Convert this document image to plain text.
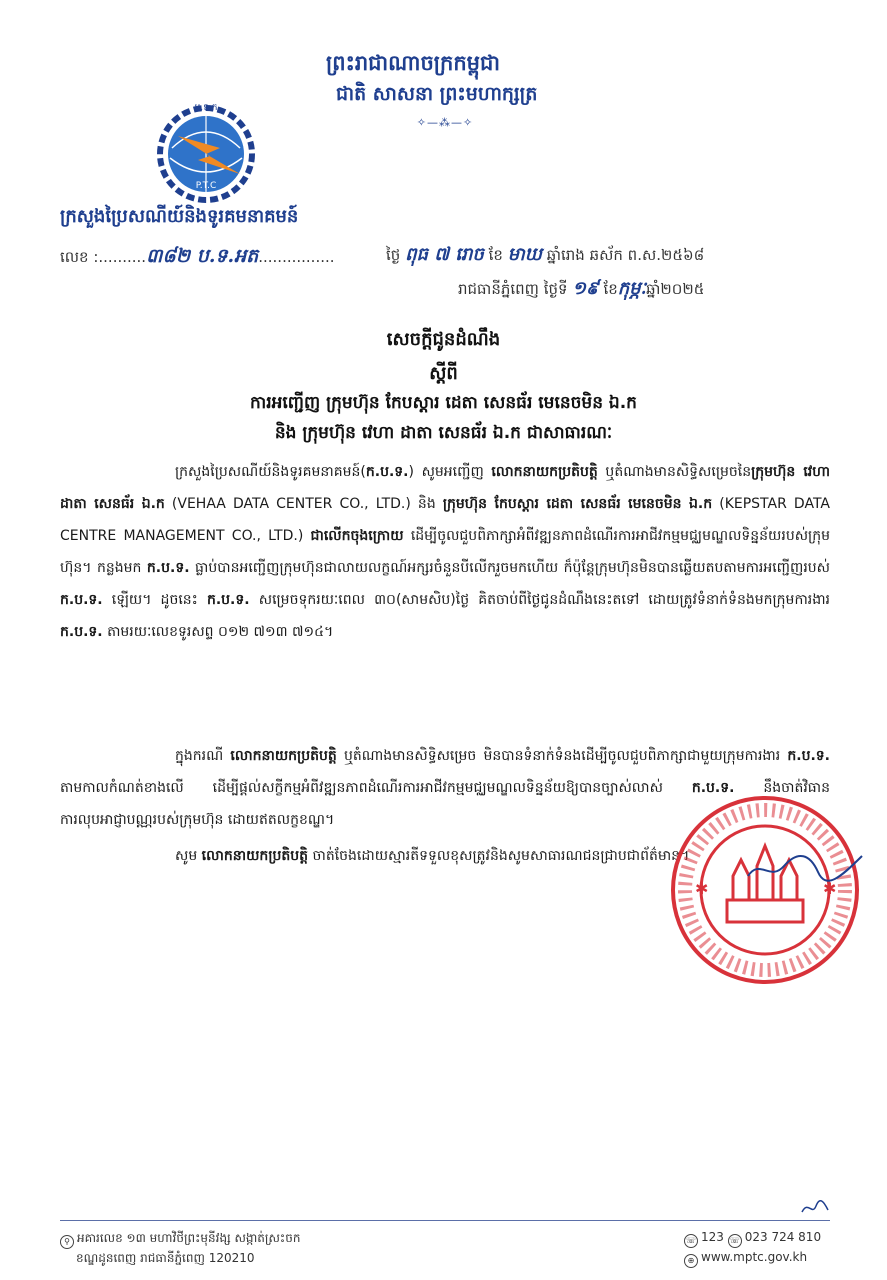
ព្រះរាជាណាចក្រកម្ពុជា
ជាតិ សាសនា ព្រះមហាក្សត្រ
✧—⁂—✧
ប.ទ.ក
P.T.C
ក្រសួងប្រៃសណីយ៍និងទូរគមនាគមន៍
លេខ :..........៣៨២ ប.ទ.អត................	ថ្ងៃ ពុធ ៧ រោច ខែ មាឃ ឆ្នាំរោង ឆស័ក ព.ស.២៥៦៨
រាជធានីភ្នំពេញ ថ្ងៃទី ១៩ ខែកុម្ភៈឆ្នាំ២០២៥
សេចក្តីជូនដំណឹង
ស្តីពី
ការអញ្ជើញ ក្រុមហ៊ុន កែបស្តារ ដេតា សេនធ័រ មេនេចមិន ឯ.ក
និង ក្រុមហ៊ុន វេហា ដាតា សេនធ័រ ឯ.ក ជាសាធារណៈ
ក្រសួងប្រៃសណីយ៍និងទូរគមនាគមន៍(ក.ប.ទ.) សូមអញ្ជើញ លោកនាយកប្រតិបត្តិ ឬតំណាងមានសិទ្ធិសម្រេចនៃក្រុមហ៊ុន វេហា ដាតា សេនធ័រ ឯ.ក (VEHAA DATA CENTER CO., LTD.) និង ក្រុមហ៊ុន កែបស្តារ ដេតា សេនធ័រ មេនេចមិន ឯ.ក (KEPSTAR DATA CENTRE MANAGEMENT CO., LTD.) ជាលើកចុងក្រោយ ដើម្បីចូលជួបពិភាក្សាអំពីវឌ្ឍនភាពដំណើរការអាជីវកម្មមជ្ឈមណ្ឌលទិន្នន័យរបស់ក្រុមហ៊ុន។ កន្លងមក ក.ប.ទ. ធ្លាប់បានអញ្ជើញក្រុមហ៊ុនជាលាយលក្ខណ៍អក្សរចំនួនបីលើករួចមកហើយ ក៏ប៉ុន្តែក្រុមហ៊ុនមិនបានឆ្លើយតបតាមការអញ្ជើញរបស់ ក.ប.ទ. ឡើយ។ ដូចនេះ ក.ប.ទ. សម្រេចទុករយៈពេល ៣០(សាមសិប)ថ្ងៃ គិតចាប់ពីថ្ងៃជូនដំណឹងនេះតទៅ ដោយត្រូវទំនាក់ទំនងមកក្រុមការងារ ក.ប.ទ. តាមរយៈលេខទូរសព្ទ ០១២ ៧១៣ ៧១៤។
ក្នុងករណី លោកនាយកប្រតិបត្តិ ឬតំណាងមានសិទ្ធិសម្រេច មិនបានទំនាក់ទំនងដើម្បីចូលជួបពិភាក្សាជាមួយក្រុមការងារ ក.ប.ទ. តាមកាលកំណត់ខាងលើ ដើម្បីផ្តល់សក្ខីកម្មអំពីវឌ្ឍនភាពដំណើរការអាជីវកម្មមជ្ឈមណ្ឌលទិន្នន័យឱ្យបានច្បាស់លាស់ ក.ប.ទ. នឹងចាត់វិធានការលុបអាជ្ញាបណ្ណរបស់ក្រុមហ៊ុន ដោយឥតលក្ខខណ្ឌ។
សូម លោកនាយកប្រតិបត្តិ ចាត់ចែងដោយស្មារតីទទួលខុសត្រូវនិងសូមសាធារណជនជ្រាបជាព័ត៌មាន។
✱	✱
⚲ អគារលេខ ១៣ មហាវិថីព្រះមុនីវង្ស សង្កាត់ស្រះចក
ខណ្ឌដូនពេញ រាជធានីភ្នំពេញ 120210
☏ 123 ☏ 023 724 810
⊕ www.mptc.gov.kh
